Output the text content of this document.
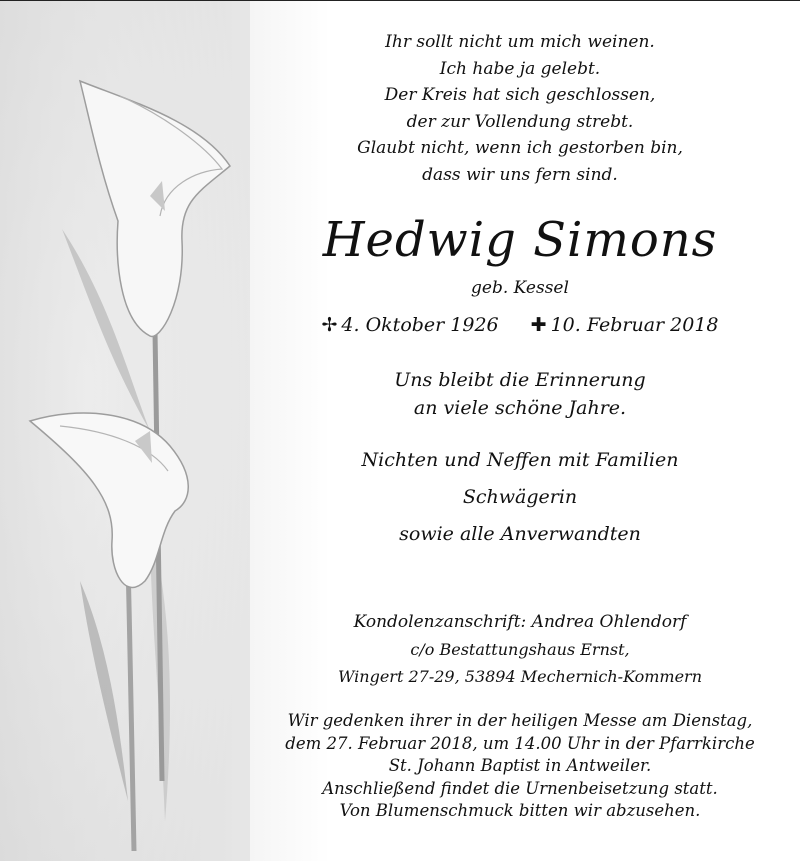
Ihr sollt nicht um mich weinen.
Ich habe ja gelebt.
Der Kreis hat sich geschlossen,
der zur Vollendung strebt.
Glaubt nicht, wenn ich gestorben bin,
dass wir uns fern sind.
Hedwig Simons
geb. Kessel
✢ 4. Oktober 1926 ✚ 10. Februar 2018
Uns bleibt die Erinnerung
an viele schöne Jahre.
Nichten und Neffen mit Familien
Schwägerin
sowie alle Anverwandten
Kondolenzanschrift: Andrea Ohlendorf
c/o Bestattungshaus Ernst,
Wingert 27-29, 53894 Mechernich-Kommern
Wir gedenken ihrer in der heiligen Messe am Dienstag,
dem 27. Februar 2018, um 14.00 Uhr in der Pfarrkirche
St. Johann Baptist in Antweiler.
Anschließend findet die Urnenbeisetzung statt.
Von Blumenschmuck bitten wir abzusehen.
